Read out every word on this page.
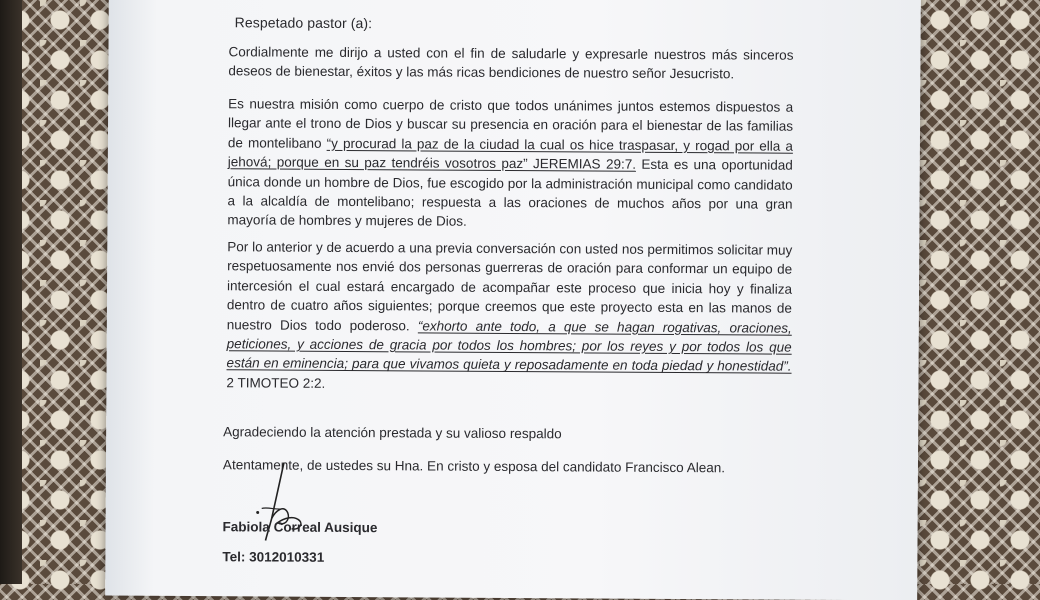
Respetado pastor (a):

Cordialmente me dirijo a usted con el fin de saludarle y expresarle nuestros más sinceros deseos de bienestar, éxitos y las más ricas bendiciones de nuestro señor Jesucristo.

Es nuestra misión como cuerpo de cristo que todos unánimes juntos estemos dispuestos a llegar ante el trono de Dios y buscar su presencia en oración para el bienestar de las familias de montelibano “y procurad la paz de la ciudad la cual os hice traspasar, y rogad por ella a jehová; porque en su paz tendréis vosotros paz” JEREMIAS 29:7. Esta es una oportunidad única donde un hombre de Dios, fue escogido por la administración municipal como candidato a la alcaldía de montelibano; respuesta a las oraciones de muchos años por una gran mayoría de hombres y mujeres de Dios.

Por lo anterior y de acuerdo a una previa conversación con usted nos permitimos solicitar muy respetuosamente nos envié dos personas guerreras de oración para conformar un equipo de intercesión el cual estará encargado de acompañar este proceso que inicia hoy y finaliza dentro de cuatro años siguientes; porque creemos que este proyecto esta en las manos de nuestro Dios todo poderoso. “exhorto ante todo, a que se hagan rogativas, oraciones, peticiones, y acciones de gracia por todos los hombres; por los reyes y por todos los que están en eminencia; para que vivamos quieta y reposadamente en toda piedad y honestidad”. 2 TIMOTEO 2:2.

Agradeciendo la atención prestada y su valioso respaldo
Atentamente, de ustedes su Hna. En cristo y esposa del candidato Francisco Alean.
Fabiola Correal Ausique
Tel: 3012010331
